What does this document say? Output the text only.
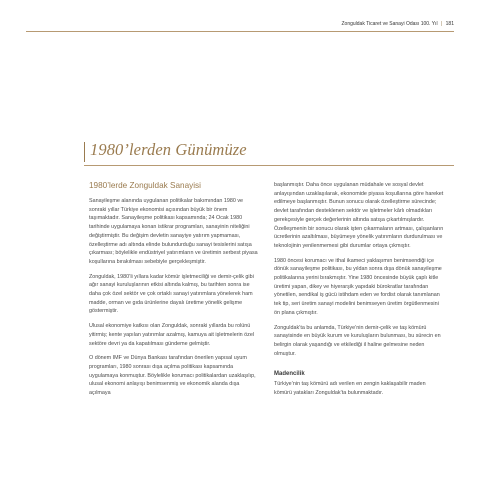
Zonguldak Ticaret ve Sanayi Odası 100. Yıl | 181
1980’lerden Günümüze
1980’lerde Zonguldak Sanayisi

Sanayileşme alanında uygulanan politikalar bakımından 1980 ve sonraki yıllar Türkiye ekonomisi açısından büyük bir önem taşımaktadır. Sanayileşme politikası kapsamında; 24 Ocak 1980 tarihinde uygulamaya konan istikrar programları, sanayinin niteliğini değiştirmiştir. Bu değişim devletin sanayiye yatırım yapmaması, özelleştirme adı altında elinde bulundurduğu sanayi tesislerini satışa çıkarması; böylelikle endüstriyel yatırımların ve üretimin serbest piyasa koşullarına bırakılması sebebiyle gerçekleşmiştir.

Zonguldak, 1980’li yıllara kadar kömür işletmeciliği ve demir-çelik gibi ağır sanayi kuruluşlarının etkisi altında kalmış, bu tarihten sonra ise daha çok özel sektör ve çok ortaklı sanayi yatırımlara yönelerek ham madde, orman ve gıda ürünlerine dayalı üretime yönelik gelişme göstermiştir.

Ulusal ekonomiye katkısı olan Zonguldak, sonraki yıllarda bu rolünü yitirmiş; kente yapılan yatırımlar azalmış, kamuya ait işletmelerin özel sektöre devri ya da kapatılması gündeme gelmiştir.

O dönem IMF ve Dünya Bankası tarafından önerilen yapısal uyum programları, 1980 sonrası dışa açılma politikası kapsamında uygulamaya konmuştur. Böylelikle korumacı politikalardan uzaklaşılıp, ulusal ekonomi anlayışı benimsenmiş ve ekonomik alanda dışa açılmaya

başlanmıştır. Daha önce uygulanan müdahale ve sosyal devlet anlayışından uzaklaşılarak, ekonomide piyasa koşullarına göre hareket edilmeye başlanmıştır. Bunun sonucu olarak özelleştirme sürecinde; devlet tarafından desteklenen sektör ve işletmeler kârlı olmadıkları gerekçesiyle gerçek değerlerinin altında satışa çıkartılmışlardır. Özelleşmenin bir sonucu olarak işten çıkarmaların artması, çalışanların ücretlerinin azaltılması, büyümeye yönelik yatırımların durdurulması ve teknolojinin yenilenmemesi gibi durumlar ortaya çıkmıştır.

1980 öncesi korumacı ve ithal ikameci yaklaşımın benimsendiği içe dönük sanayileşme politikası, bu yıldan sonra dışa dönük sanayileşme politikalarına yerini bırakmıştır. Yine 1980 öncesinde büyük çaplı kitle üretimi yapan, dikey ve hiyerarşik yapıdaki bürokratlar tarafından yönetilen, sendikal iş gücü istihdam eden ve fordist olarak tanımlanan tek tip, seri üretim sanayi modelini benimseyen üretim örgütlenmesini ön plana çıkmıştır.

Zonguldak’ta bu anlamda, Türkiye’nin demir-çelik ve taş kömürü sanayisinde en büyük kurum ve kuruluşların bulunması, bu sürecin en belirgin olarak yaşandığı ve etkilediği il haline gelmesine neden olmuştur.

Madencilik

Türkiye’nin taş kömürü adı verilen en zengin kaklaşabilir maden kömürü yatakları Zonguldak’ta bulunmaktadır.
